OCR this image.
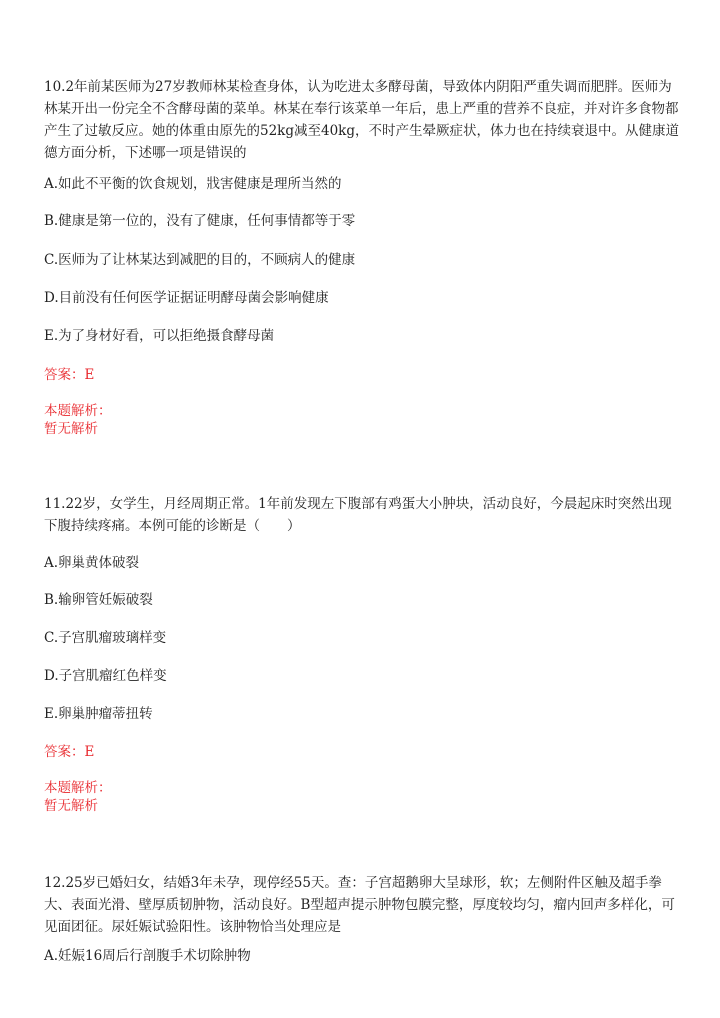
10.2年前某医师为27岁教师林某检查身体，认为吃进太多酵母菌，导致体内阴阳严重失调而肥胖。医师为林某开出一份完全不含酵母菌的菜单。林某在奉行该菜单一年后，患上严重的营养不良症，并对许多食物都产生了过敏反应。她的体重由原先的52kg减至40kg，不时产生晕厥症状，体力也在持续衰退中。从健康道德方面分析，下述哪一项是错误的

A.如此不平衡的饮食规划，戕害健康是理所当然的
B.健康是第一位的，没有了健康，任何事情都等于零
C.医师为了让林某达到减肥的目的，不顾病人的健康
D.目前没有任何医学证据证明酵母菌会影响健康
E.为了身材好看，可以拒绝摄食酵母菌
答案：E
本题解析：
暂无解析

11.22岁，女学生，月经周期正常。1年前发现左下腹部有鸡蛋大小肿块，活动良好，今晨起床时突然出现下腹持续疼痛。本例可能的诊断是（　　）

A.卵巢黄体破裂
B.输卵管妊娠破裂
C.子宫肌瘤玻璃样变
D.子宫肌瘤红色样变
E.卵巢肿瘤蒂扭转
答案：E
本题解析：
暂无解析

12.25岁已婚妇女，结婚3年未孕，现停经55天。查：子宫超鹅卵大呈球形，软；左侧附件区触及超手拳大、表面光滑、壁厚质韧肿物，活动良好。B型超声提示肿物包膜完整，厚度较均匀，瘤内回声多样化，可见面团征。尿妊娠试验阳性。该肿物恰当处理应是

A.妊娠16周后行剖腹手术切除肿物
